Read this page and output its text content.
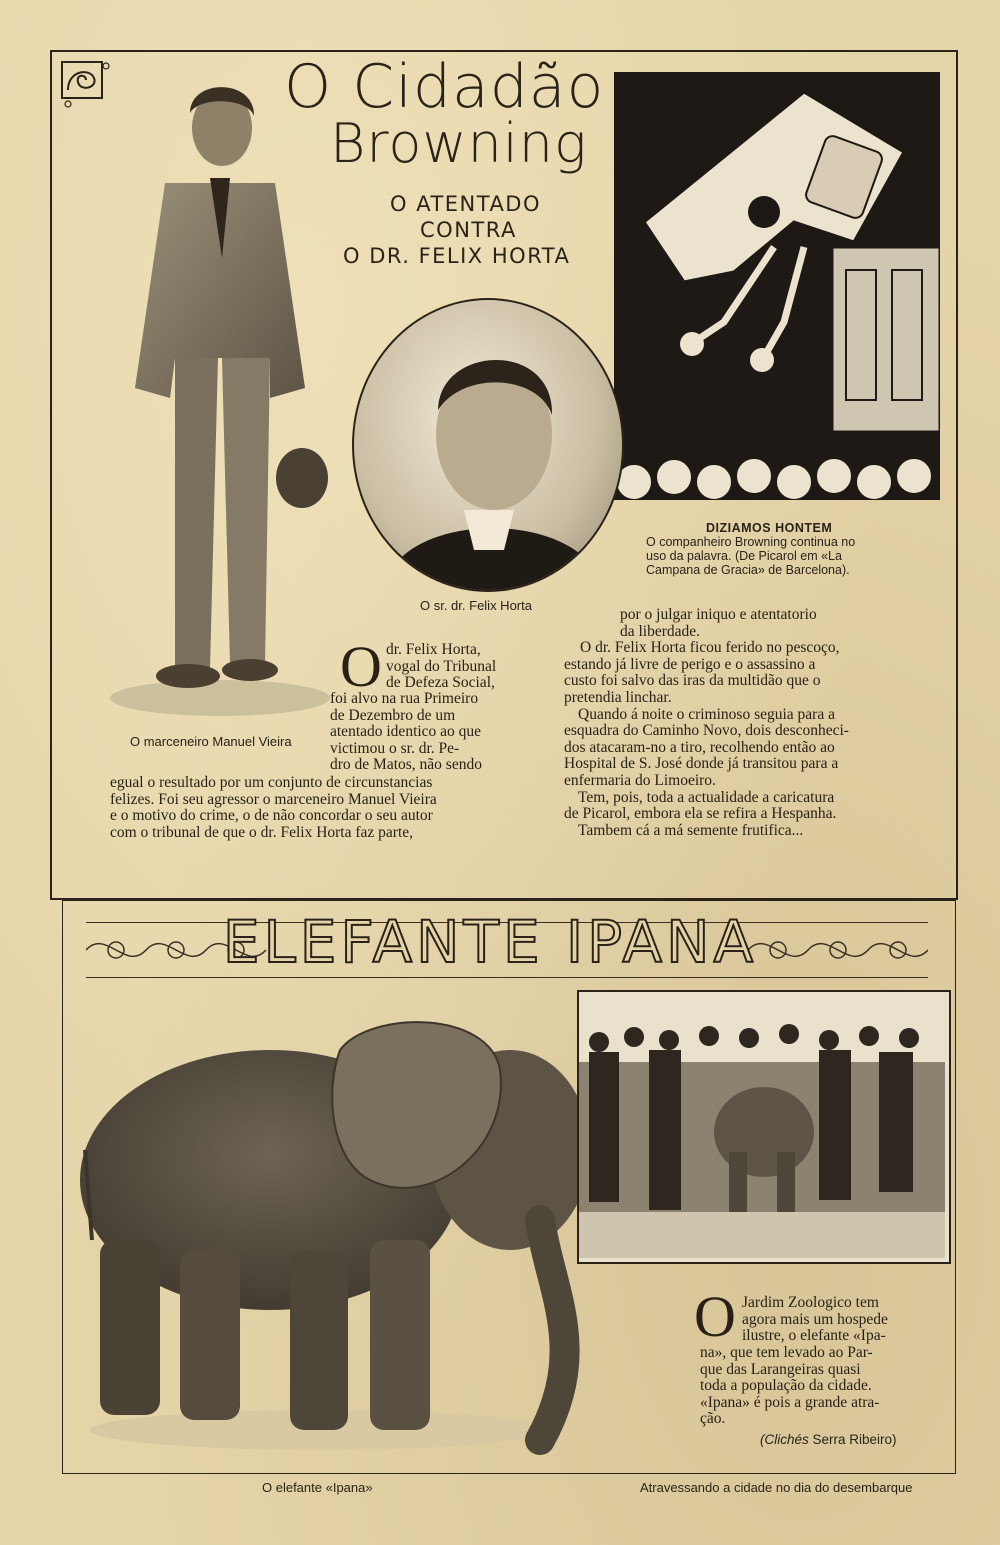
O Cidadão
Browning
O ATENTADO
CONTRA
O DR. FELIX HORTA
O marceneiro Manuel Vieira
DIZIAMOS HONTEM
O companheiro Browning continua no
uso da palavra. (De Picarol em «La
Campana de Gracia» de Barcelona).
O sr. dr. Felix Horta
O dr. Felix Horta,
vogal do Tribunal
de Defeza Social,
foi alvo na rua Primeiro
de Dezembro de um
atentado identico ao que
victimou o sr. dr. Pe-
dro de Matos, não sendo
egual o resultado por um conjunto de circunstancias
felizes. Foi seu agressor o marceneiro Manuel Vieira
e o motivo do crime, o de não concordar o seu autor
com o tribunal de que o dr. Felix Horta faz parte,
por o julgar iniquo e atentatorio
da liberdade.
O dr. Felix Horta ficou ferido no pescoço,
estando já livre de perigo e o assassino a
custo foi salvo das iras da multidão que o
pretendia linchar.
Quando á noite o criminoso seguia para a
esquadra do Caminho Novo, dois desconheci-
dos atacaram-no a tiro, recolhendo então ao
Hospital de S. José donde já transitou para a
enfermaria do Limoeiro.
Tem, pois, toda a actualidade a caricatura
de Picarol, embora ela se refira a Hespanha.
Tambem cá a má semente frutifica...
ELEFANTE IPANA
O elefante «Ipana»	Atravessando a cidade no dia do desembarque
O Jardim Zoologico tem
agora mais um hospede
ilustre, o elefante «Ipa-
na», que tem levado ao Par-
que das Larangeiras quasi
toda a população da cidade.
«Ipana» é pois a grande atra-
ção.
(Clichés Serra Ribeiro)
